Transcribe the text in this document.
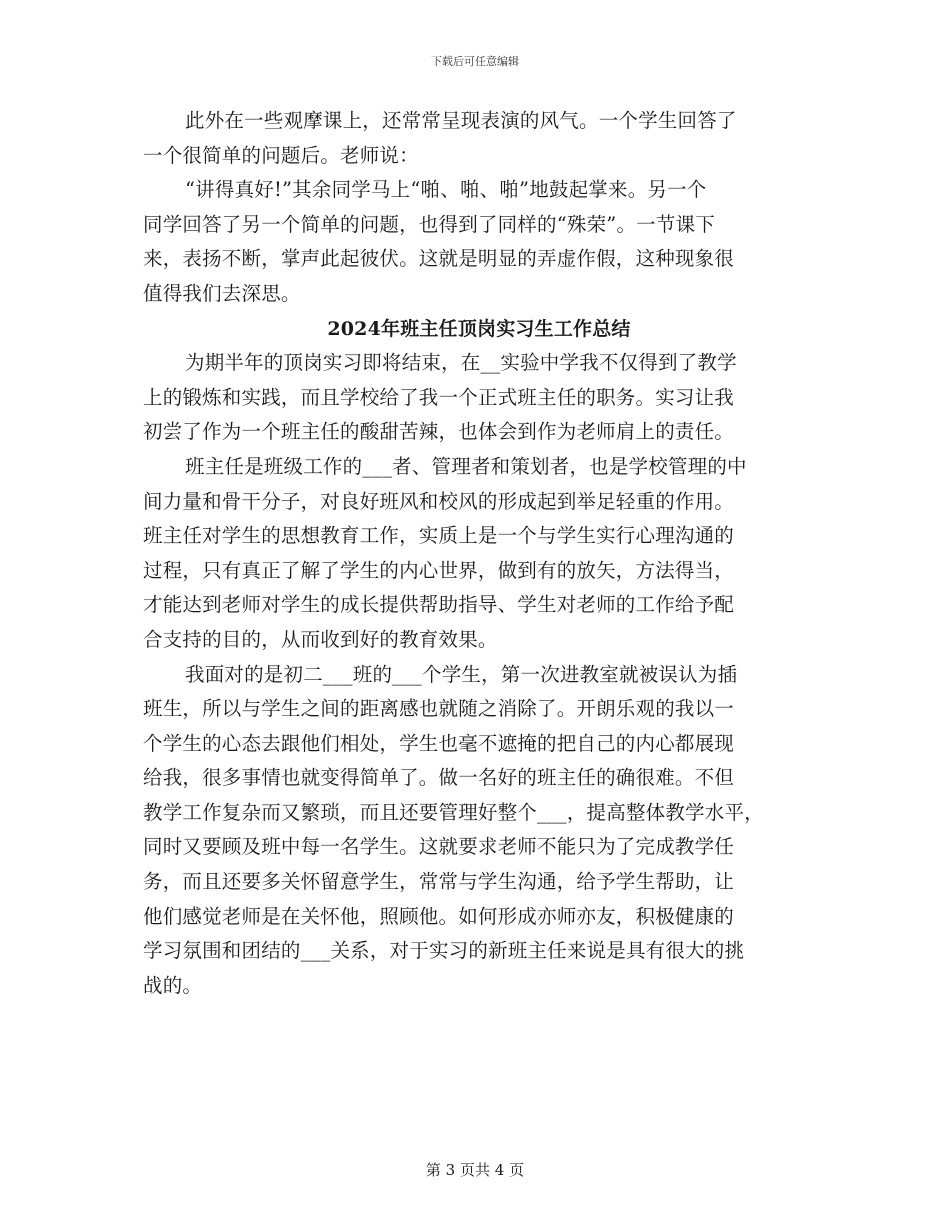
下载后可任意编辑
此外在一些观摩课上，还常常呈现表演的风气。一个学生回答了
一个很简单的问题后。老师说：
“讲得真好!”其余同学马上“啪、啪、啪”地鼓起掌来。另一个
同学回答了另一个简单的问题，也得到了同样的“殊荣”。一节课下
来，表扬不断，掌声此起彼伏。这就是明显的弄虚作假，这种现象很
值得我们去深思。
2024年班主任顶岗实习生工作总结
为期半年的顶岗实习即将结束，在__实验中学我不仅得到了教学
上的锻炼和实践，而且学校给了我一个正式班主任的职务。实习让我
初尝了作为一个班主任的酸甜苦辣，也体会到作为老师肩上的责任。
班主任是班级工作的___者、管理者和策划者，也是学校管理的中
间力量和骨干分子，对良好班风和校风的形成起到举足轻重的作用。
班主任对学生的思想教育工作，实质上是一个与学生实行心理沟通的
过程，只有真正了解了学生的内心世界，做到有的放矢，方法得当，
才能达到老师对学生的成长提供帮助指导、学生对老师的工作给予配
合支持的目的，从而收到好的教育效果。
我面对的是初二___班的___个学生，第一次进教室就被误认为插
班生，所以与学生之间的距离感也就随之消除了。开朗乐观的我以一
个学生的心态去跟他们相处，学生也毫不遮掩的把自己的内心都展现
给我，很多事情也就变得简单了。做一名好的班主任的确很难。不但
教学工作复杂而又繁琐，而且还要管理好整个___，提高整体教学水平，
同时又要顾及班中每一名学生。这就要求老师不能只为了完成教学任
务，而且还要多关怀留意学生，常常与学生沟通，给予学生帮助，让
他们感觉老师是在关怀他，照顾他。如何形成亦师亦友，积极健康的
学习氛围和团结的___关系，对于实习的新班主任来说是具有很大的挑
战的。
第 3 页共 4 页
